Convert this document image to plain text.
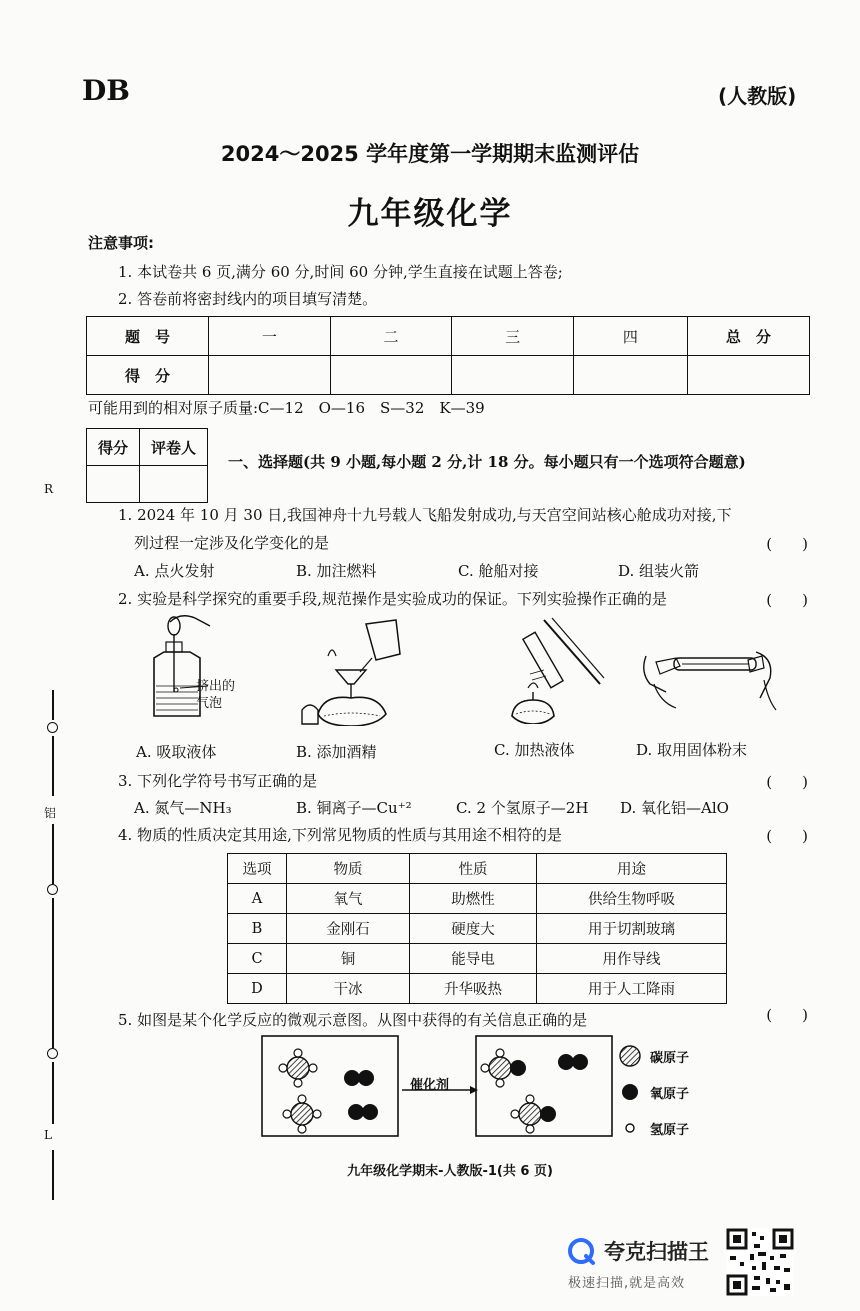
DB	(人教版)
2024～2025 学年度第一学期期末监测评估
九年级化学
注意事项:
1. 本试卷共 6 页,满分 60 分,时间 60 分钟,学生直接在试题上答卷;
2. 答卷前将密封线内的项目填写清楚。
题　号	一	二	三	四	总　分
得　分					
可能用到的相对原子质量:C—12　O—16　S—32　K—39
得分	评卷人

一、选择题(共 9 小题,每小题 2 分,计 18 分。每小题只有一个选项符合题意)
1. 2024 年 10 月 30 日,我国神舟十九号载人飞船发射成功,与天宫空间站核心舱成功对接,下
列过程一定涉及化学变化的是	(　　)
A. 点火发射	B. 加注燃料	C. 舱船对接	D. 组装火箭
2. 实验是科学探究的重要手段,规范操作是实验成功的保证。下列实验操作正确的是	(　　)
挤出的
气泡
A. 吸取液体	B. 添加酒精	C. 加热液体	D. 取用固体粉末
3. 下列化学符号书写正确的是	(　　)
A. 氮气—NH₃	B. 铜离子—Cu⁺²	C. 2 个氢原子—2H D. 氧化铝—AlO
4. 物质的性质决定其用途,下列常见物质的性质与其用途不相符的是	(　　)
选项	物质	性质	用途
A	氧气	助燃性	供给生物呼吸
B	金刚石	硬度大	用于切割玻璃
C	铜	能导电	用作导线
D	干冰	升华吸热	用于人工降雨
5. 如图是某个化学反应的微观示意图。从图中获得的有关信息正确的是	(　　)
催化剂
碳原子
氧原子
氢原子
九年级化学期末-人教版-1(共 6 页)
R
铝
L
夸克扫描王
极速扫描,就是高效
